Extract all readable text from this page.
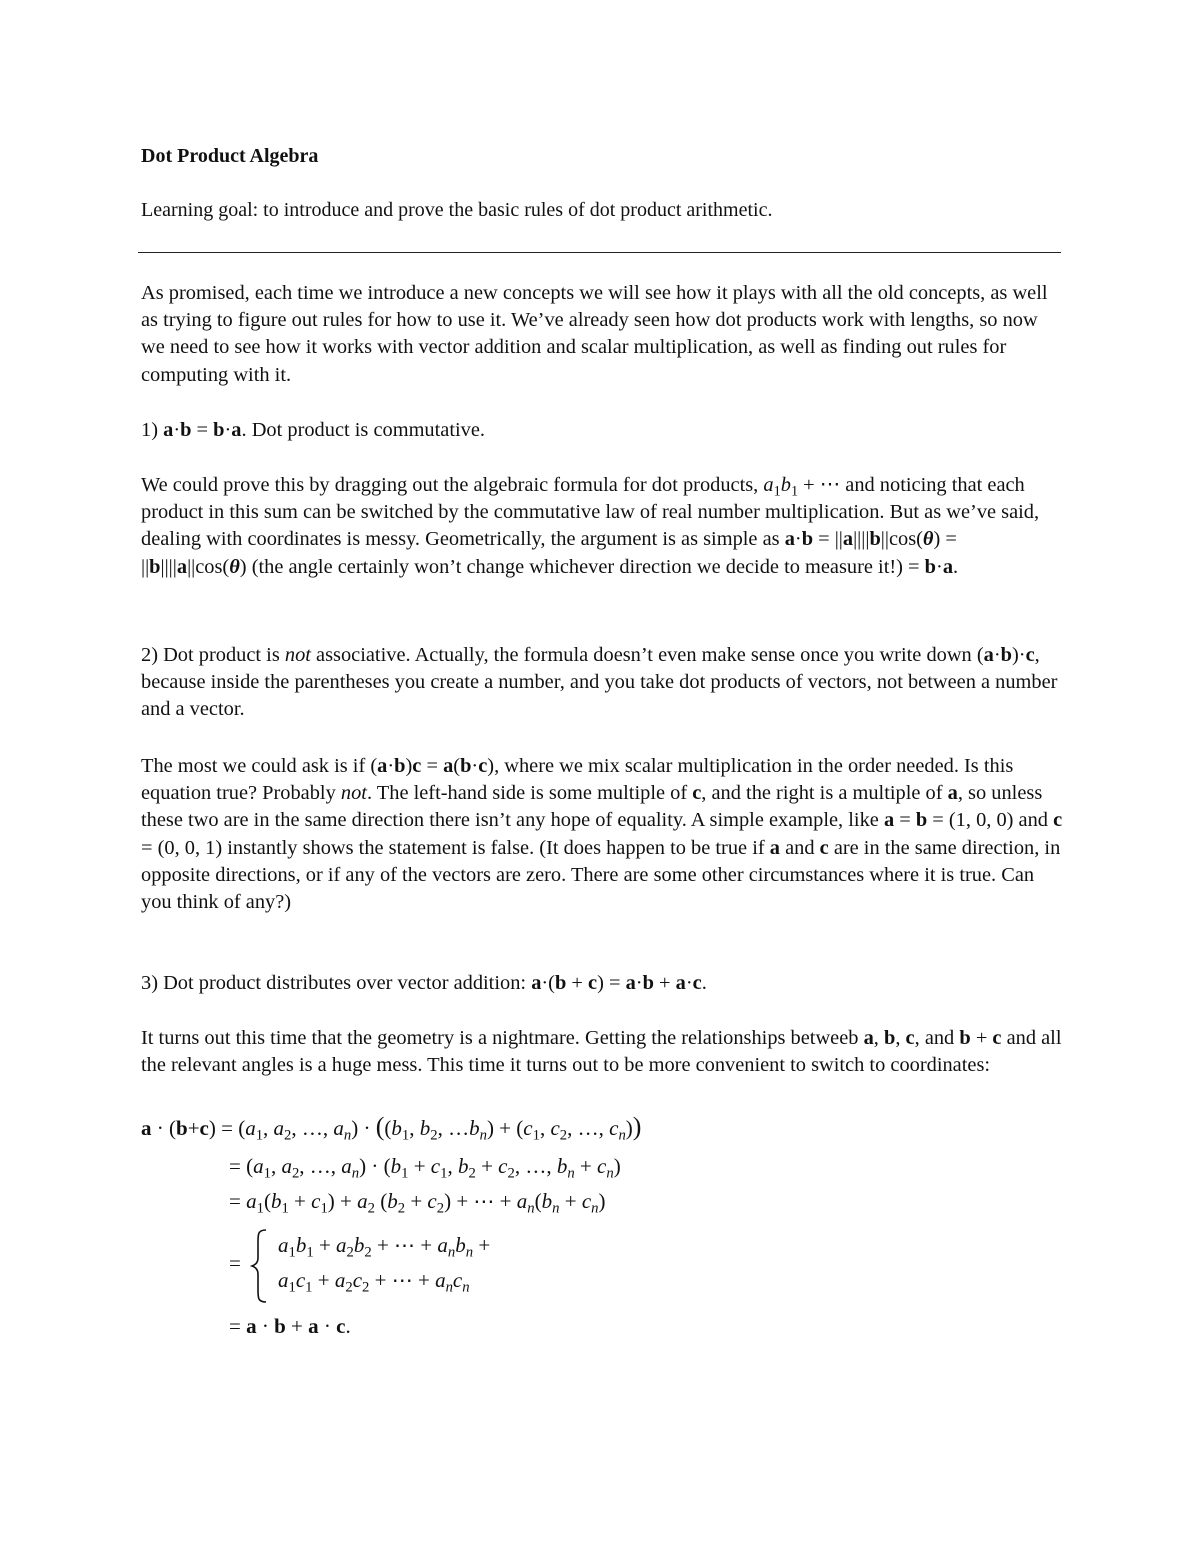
Dot Product Algebra
Learning goal: to introduce and prove the basic rules of dot product arithmetic.
As promised, each time we introduce a new concepts we will see how it plays with all the old concepts, as well as trying to figure out rules for how to use it. We’ve already seen how dot products work with lengths, so now we need to see how it works with vector addition and scalar multiplication, as well as finding out rules for computing with it.
1) a·b = b·a. Dot product is commutative.
We could prove this by dragging out the algebraic formula for dot products, $a_1b_1$ + ⋯ and noticing that each product in this sum can be switched by the commutative law of real number multiplication. But as we’ve said, dealing with coordinates is messy. Geometrically, the argument is as simple as a·b = ||a||||b||cos(θ) = ||b||||a||cos(θ) (the angle certainly won’t change whichever direction we decide to measure it!) = b·a.
2) Dot product is not associative. Actually, the formula doesn’t even make sense once you write down (a·b)·c, because inside the parentheses you create a number, and you take dot products of vectors, not between a number and a vector.
The most we could ask is if (a·b)c = a(b·c), where we mix scalar multiplication in the order needed. Is this equation true? Probably not. The left-hand side is some multiple of c, and the right is a multiple of a, so unless these two are in the same direction there isn’t any hope of equality. A simple example, like a = b = (1, 0, 0) and c = (0, 0, 1) instantly shows the statement is false. (It does happen to be true if a and c are in the same direction, in opposite directions, or if any of the vectors are zero. There are some other circumstances where it is true. Can you think of any?)
3) Dot product distributes over vector addition: a·(b + c) = a·b + a·c.
It turns out this time that the geometry is a nightmare. Getting the relationships betweeb a, b, c, and b + c and all the relevant angles is a huge mess. This time it turns out to be more convenient to switch to coordinates:
$a \cdot (b+c) = (a_1$, $a_2$, …, $a_n) \cdot ((b_1$, $b_2$, $\dots b_n) + (c_1$, $c_2$, …, $c_n$))
= ($a_1$, $a_2$, …, $a_n) \cdot (b_1 + c_1$, $b_2 + c_2$, …, $b_n + c_n$)
= $a_1(b_1 + c_1) + a_2$ $(b_2 + c_2)$ + ⋯ + $a_n(b_n + c_n)$
=
$a_1b_1 + a_2b_2$ + ⋯ + $a_nb_n$ +
$a_1c_1 + a_2c_2$ + ⋯ + $a_nc_n$
= a · b + a · c.
